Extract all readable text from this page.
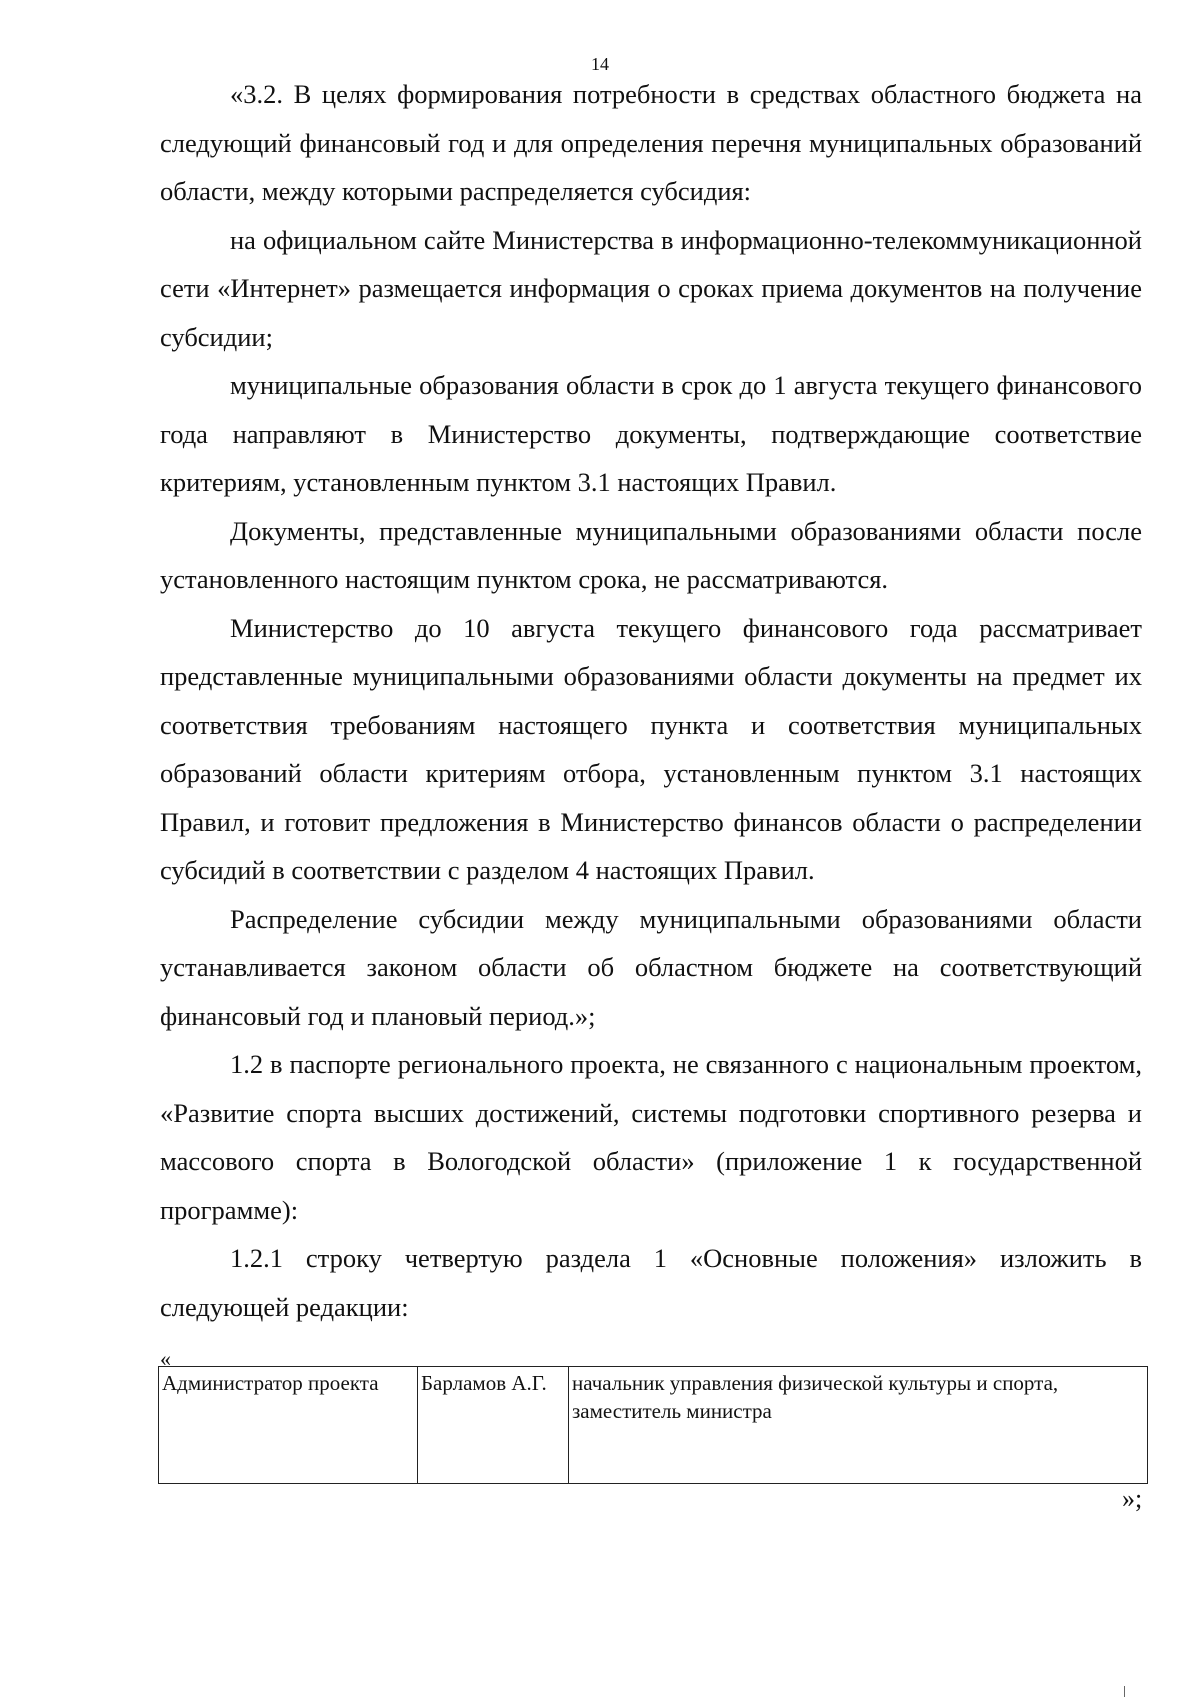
14

«3.2. В целях формирования потребности в средствах областного бюджета на следующий финансовый год и для определения перечня муниципальных образований области, между которыми распределяется субсидия:

на официальном сайте Министерства в информационно-телекоммуникационной сети «Интернет» размещается информация о сроках приема документов на получение субсидии;

муниципальные образования области в срок до 1 августа текущего финансового года направляют в Министерство документы, подтверждающие соответствие критериям, установленным пунктом 3.1 настоящих Правил.

Документы, представленные муниципальными образованиями области после установленного настоящим пунктом срока, не рассматриваются.

Министерство до 10 августа текущего финансового года рассматривает представленные муниципальными образованиями области документы на предмет их соответствия требованиям настоящего пункта и соответствия муниципальных образований области критериям отбора, установленным пунктом 3.1 настоящих Правил, и готовит предложения в Министерство финансов области о распределении субсидий в соответствии с разделом 4 настоящих Правил.

Распределение субсидии между муниципальными образованиями области устанавливается законом области об областном бюджете на соответствующий финансовый год и плановый период.»;

1.2 в паспорте регионального проекта, не связанного с национальным проектом, «Развитие спорта высших достижений, системы подготовки спортивного резерва и массового спорта в Вологодской области» (приложение 1 к государственной программе):

1.2.1 строку четвертую раздела 1 «Основные положения» изложить в следующей редакции:

«
Администратор проекта	Барламов А.Г.	начальник управления физической культуры и спорта, заместитель министра
»;
